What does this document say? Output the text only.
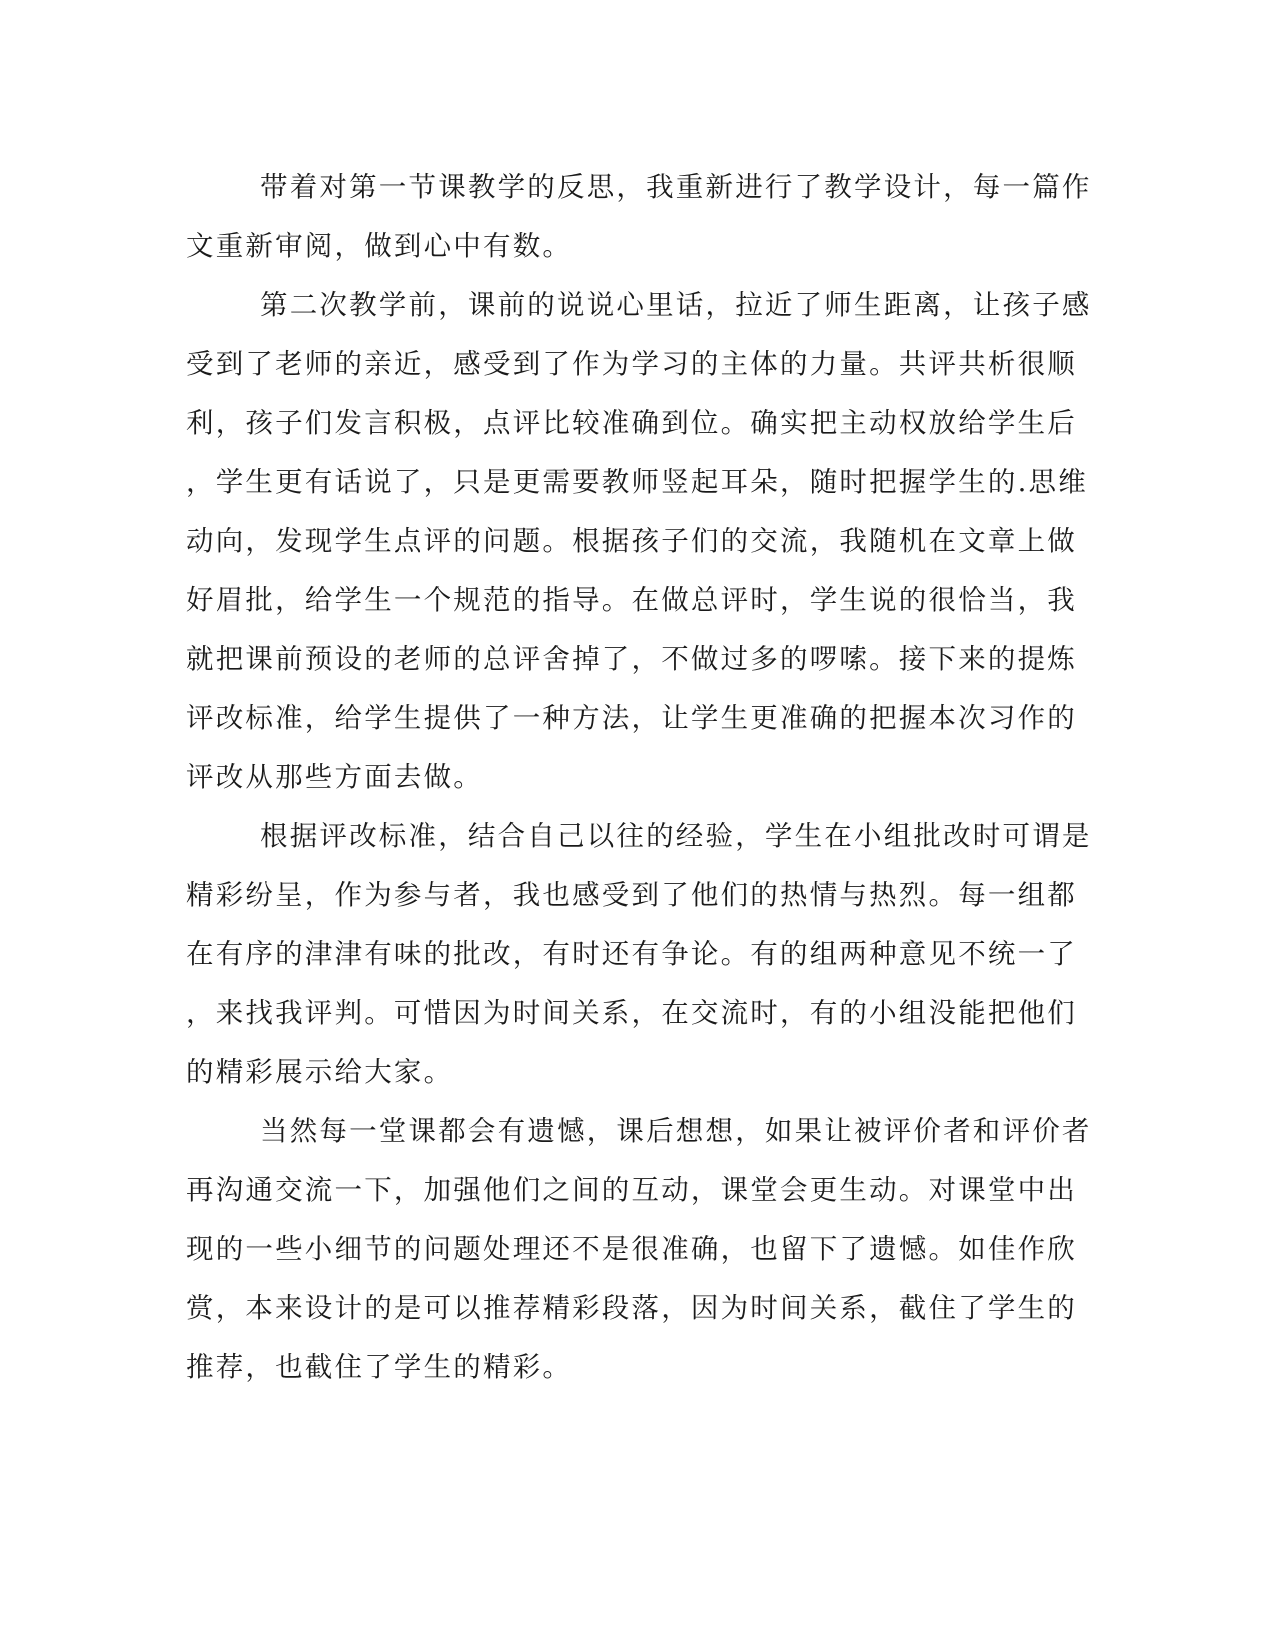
带着对第一节课教学的反思，我重新进行了教学设计，每一篇作
文重新审阅，做到心中有数。
第二次教学前，课前的说说心里话，拉近了师生距离，让孩子感
受到了老师的亲近，感受到了作为学习的主体的力量。共评共析很顺
利，孩子们发言积极，点评比较准确到位。确实把主动权放给学生后
，学生更有话说了，只是更需要教师竖起耳朵，随时把握学生的.思维
动向，发现学生点评的问题。根据孩子们的交流，我随机在文章上做
好眉批，给学生一个规范的指导。在做总评时，学生说的很恰当，我
就把课前预设的老师的总评舍掉了，不做过多的啰嗦。接下来的提炼
评改标准，给学生提供了一种方法，让学生更准确的把握本次习作的
评改从那些方面去做。
根据评改标准，结合自己以往的经验，学生在小组批改时可谓是
精彩纷呈，作为参与者，我也感受到了他们的热情与热烈。每一组都
在有序的津津有味的批改，有时还有争论。有的组两种意见不统一了
，来找我评判。可惜因为时间关系，在交流时，有的小组没能把他们
的精彩展示给大家。
当然每一堂课都会有遗憾，课后想想，如果让被评价者和评价者
再沟通交流一下，加强他们之间的互动，课堂会更生动。对课堂中出
现的一些小细节的问题处理还不是很准确，也留下了遗憾。如佳作欣
赏，本来设计的是可以推荐精彩段落，因为时间关系，截住了学生的
推荐，也截住了学生的精彩。
